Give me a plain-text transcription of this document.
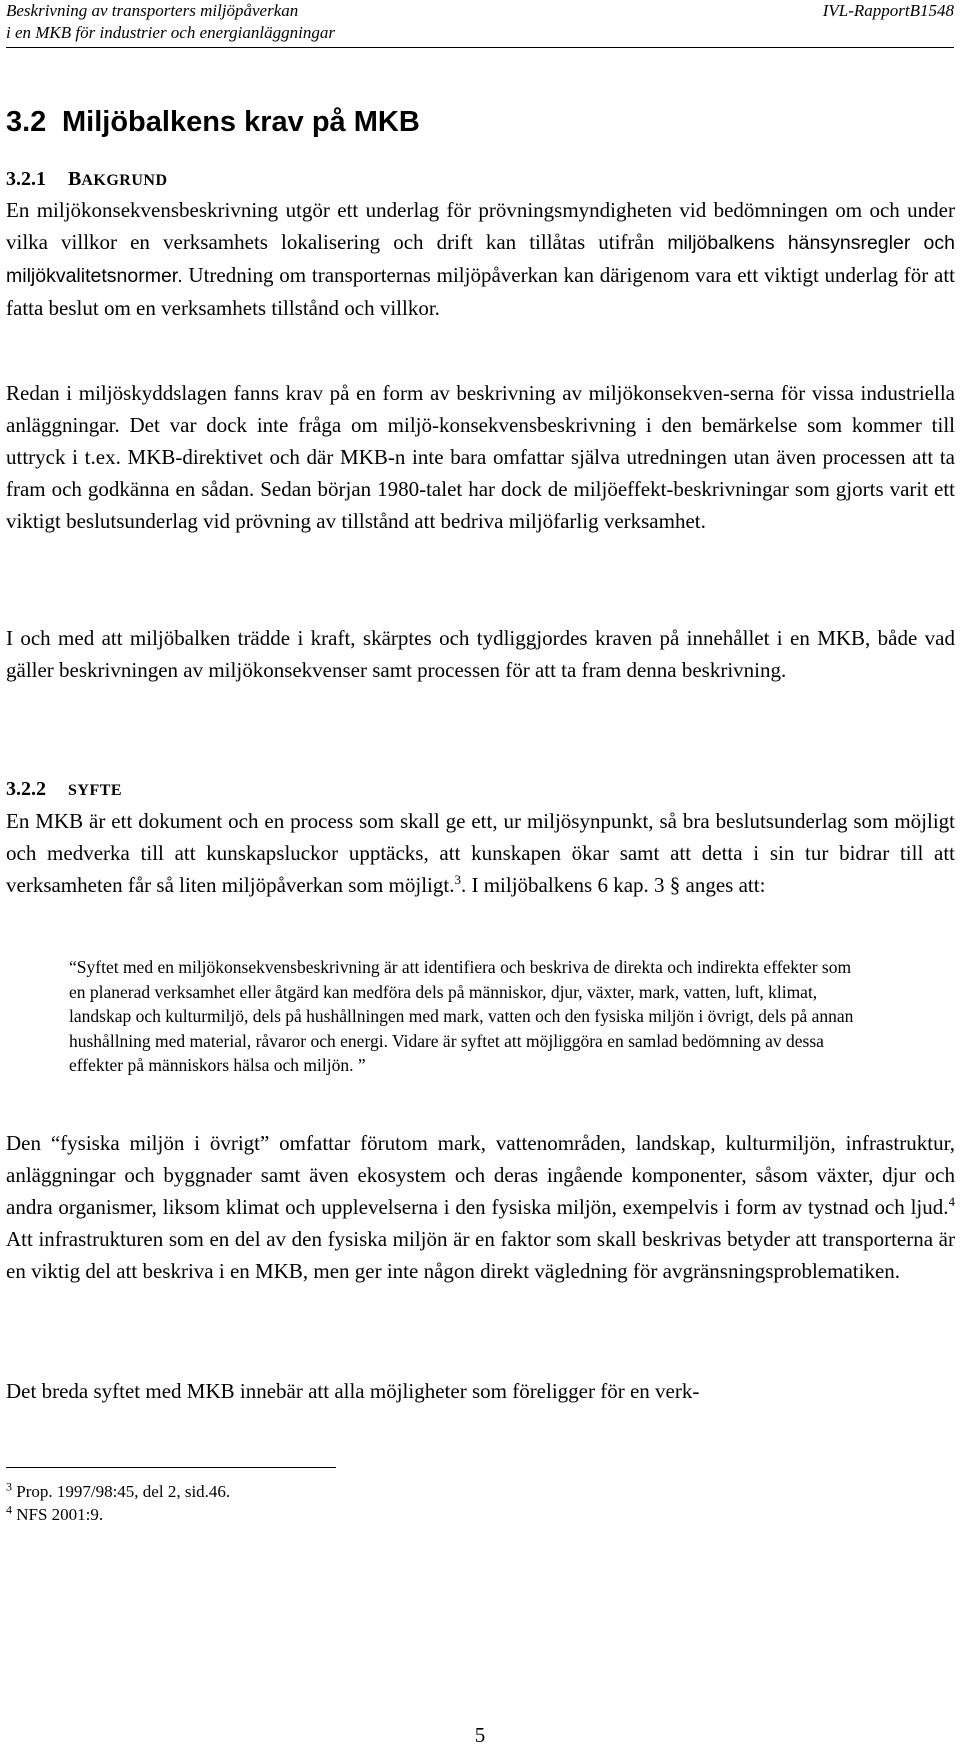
Beskrivning av transporters miljöpåverkan
i en MKB för industrier och energianläggningar
IVL-RapportB1548
3.2 Miljöbalkens krav på MKB
3.2.1 BAKGRUND
En miljökonsekvensbeskrivning utgör ett underlag för prövningsmyndigheten vid bedömningen om och under vilka villkor en verksamhets lokalisering och drift kan tillåtas utifrån miljöbalkens hänsynsregler och miljökvalitetsnormer. Utredning om transporternas miljöpåverkan kan därigenom vara ett viktigt underlag för att fatta beslut om en verksamhets tillstånd och villkor.
Redan i miljöskyddslagen fanns krav på en form av beskrivning av miljökonsekven-serna för vissa industriella anläggningar. Det var dock inte fråga om miljö-konsekvensbeskrivning i den bemärkelse som kommer till uttryck i t.ex. MKB-direktivet och där MKB-n inte bara omfattar själva utredningen utan även processen att ta fram och godkänna en sådan. Sedan början 1980-talet har dock de miljöeffekt-beskrivningar som gjorts varit ett viktigt beslutsunderlag vid prövning av tillstånd att bedriva miljöfarlig verksamhet.
I och med att miljöbalken trädde i kraft, skärptes och tydliggjordes kraven på innehållet i en MKB, både vad gäller beskrivningen av miljökonsekvenser samt processen för att ta fram denna beskrivning.
3.2.2 SYFTE
En MKB är ett dokument och en process som skall ge ett, ur miljösynpunkt, så bra beslutsunderlag som möjligt och medverka till att kunskapsluckor upptäcks, att kunskapen ökar samt att detta i sin tur bidrar till att verksamheten får så liten miljöpåverkan som möjligt.$^3$. I miljöbalkens 6 kap. 3 § anges att:
“Syftet med en miljökonsekvensbeskrivning är att identifiera och beskriva de direkta och indirekta effekter som en planerad verksamhet eller åtgärd kan medföra dels på människor, djur, växter, mark, vatten, luft, klimat, landskap och kulturmiljö, dels på hushållningen med mark, vatten och den fysiska miljön i övrigt, dels på annan hushållning med material, råvaror och energi. Vidare är syftet att möjliggöra en samlad bedömning av dessa effekter på människors hälsa och miljön. ”
Den “fysiska miljön i övrigt” omfattar förutom mark, vattenområden, landskap, kulturmiljön, infrastruktur, anläggningar och byggnader samt även ekosystem och deras ingående komponenter, såsom växter, djur och andra organismer, liksom klimat och upplevelserna i den fysiska miljön, exempelvis i form av tystnad och ljud.$^4$ Att infrastrukturen som en del av den fysiska miljön är en faktor som skall beskrivas betyder att transporterna är en viktig del att beskriva i en MKB, men ger inte någon direkt vägledning för avgränsningsproblematiken.
Det breda syftet med MKB innebär att alla möjligheter som föreligger för en verk-
$^3$ Prop. 1997/98:45, del 2, sid.46.
$^4$ NFS 2001:9.
5
